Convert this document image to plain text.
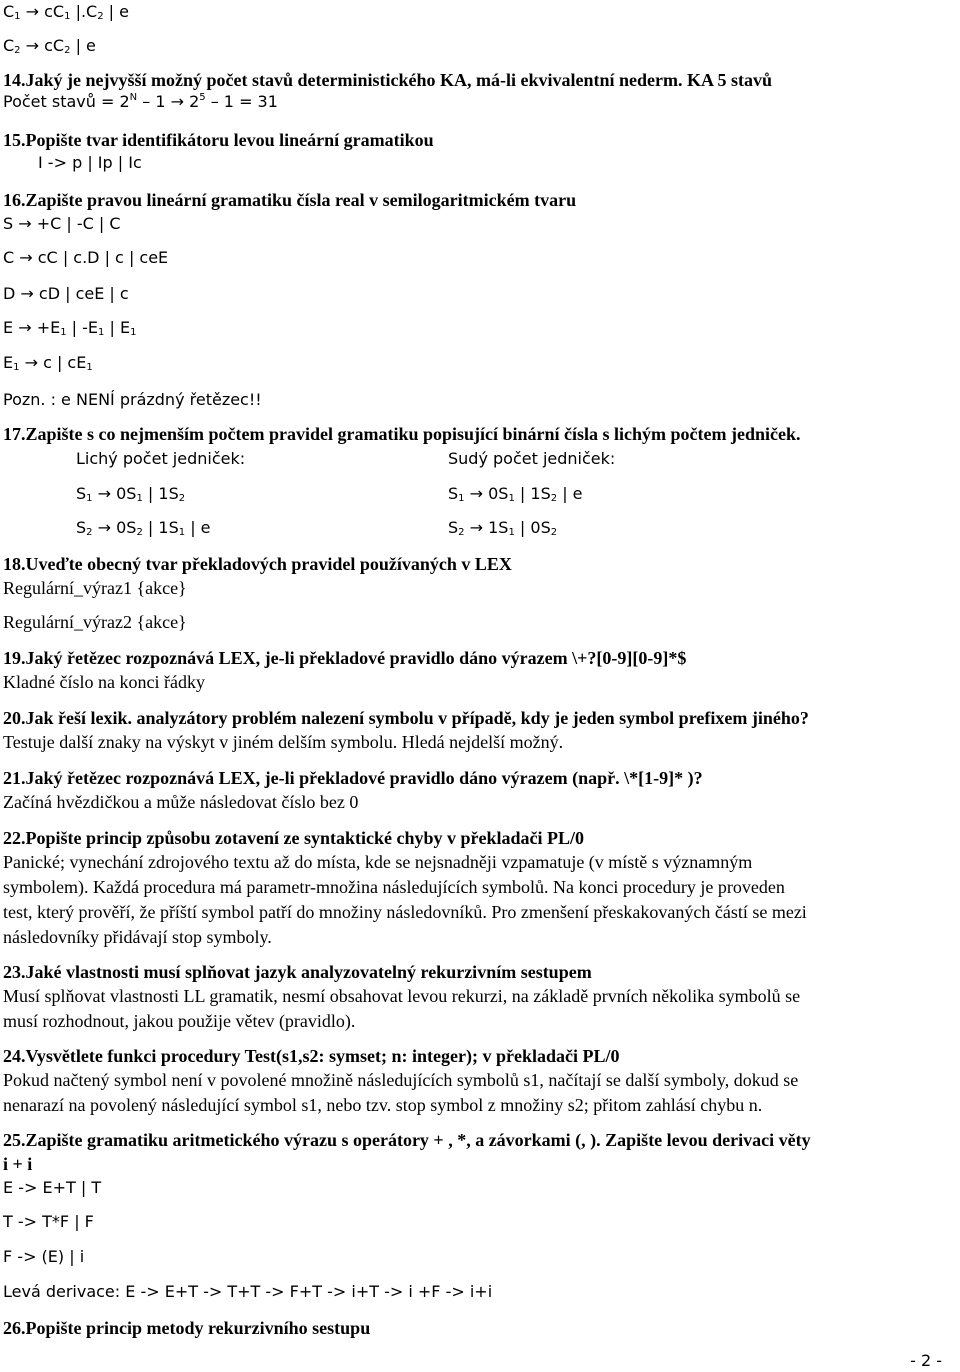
$C_1 \to cC_1$ $|.C_2$ | e
$C_2 \to cC_2$ | e
14.Jaký je nejvyšší možný počet stavů deterministického KA, má-li ekvivalentní nederm. KA 5 stavů
Počet stavů = $2^N - 1 \to 2^5 - 1 = 31$
15.Popište tvar identifikátoru levou lineární gramatikou
I -> p | Ip | Ic
16.Zapište pravou lineární gramatiku čísla real v semilogaritmickém tvaru
S → +C | -C | C
C → cC | c.D | c | ceE
D → cD | ceE | c
$E \to +E_1$ | $-E_1$ | $E_1$
$E_1 \to c$ | $cE_1$
Pozn. : e NENÍ prázdný řetězec!!
17.Zapište s co nejmenším počtem pravidel gramatiku popisující binární čísla s lichým počtem jedniček.
Lichý počet jedniček:	Sudý počet jedniček:
$S_1 \to 0S_1$ | $1S_2$	$S_1 \to 0S_1$ | $1S_2$ | e
$S_2 \to 0S_2$ | $1S_1$ | e	$S_2 \to 1S_1$ | $0S_2$
18.Uveďte obecný tvar překladových pravidel používaných v LEX
Regulární_výraz1 {akce}
Regulární_výraz2 {akce}
19.Jaký řetězec rozpoznává LEX, je-li překladové pravidlo dáno výrazem \+?[0-9][0-9]*$
Kladné číslo na konci řádky
20.Jak řeší lexik. analyzátory problém nalezení symbolu v případě, kdy je jeden symbol prefixem jiného?
Testuje další znaky na výskyt v jiném delším symbolu. Hledá nejdelší možný.
21.Jaký řetězec rozpoznává LEX, je-li překladové pravidlo dáno výrazem (např. \*[1-9]* )?
Začíná hvězdičkou a může následovat číslo bez 0
22.Popište princip způsobu zotavení ze syntaktické chyby v překladači PL/0
Panické; vynechání zdrojového textu až do místa, kde se nejsnadněji vzpamatuje (v místě s významným
symbolem). Každá procedura má parametr-množina následujících symbolů. Na konci procedury je proveden
test, který prověří, že příští symbol patří do množiny následovníků. Pro zmenšení přeskakovaných částí se mezi
následovníky přidávají stop symboly.
23.Jaké vlastnosti musí splňovat jazyk analyzovatelný rekurzivním sestupem
Musí splňovat vlastnosti LL gramatik, nesmí obsahovat levou rekurzi, na základě prvních několika symbolů se
musí rozhodnout, jakou použije větev (pravidlo).
24.Vysvětlete funkci procedury Test(s1,s2: symset; n: integer); v překladači PL/0
Pokud načtený symbol není v povolené množině následujících symbolů s1, načítají se další symboly, dokud se
nenarazí na povolený následující symbol s1, nebo tzv. stop symbol z množiny s2; přitom zahlásí chybu n.
25.Zapište gramatiku aritmetického výrazu s operátory + , *, a závorkami (, ). Zapište levou derivaci věty
i + i
E -> E+T | T
T -> T*F | F
F -> (E) | i
Levá derivace: E -> E+T -> T+T -> F+T -> i+T -> i +F -> i+i
26.Popište princip metody rekurzivního sestupu
- 2 -
